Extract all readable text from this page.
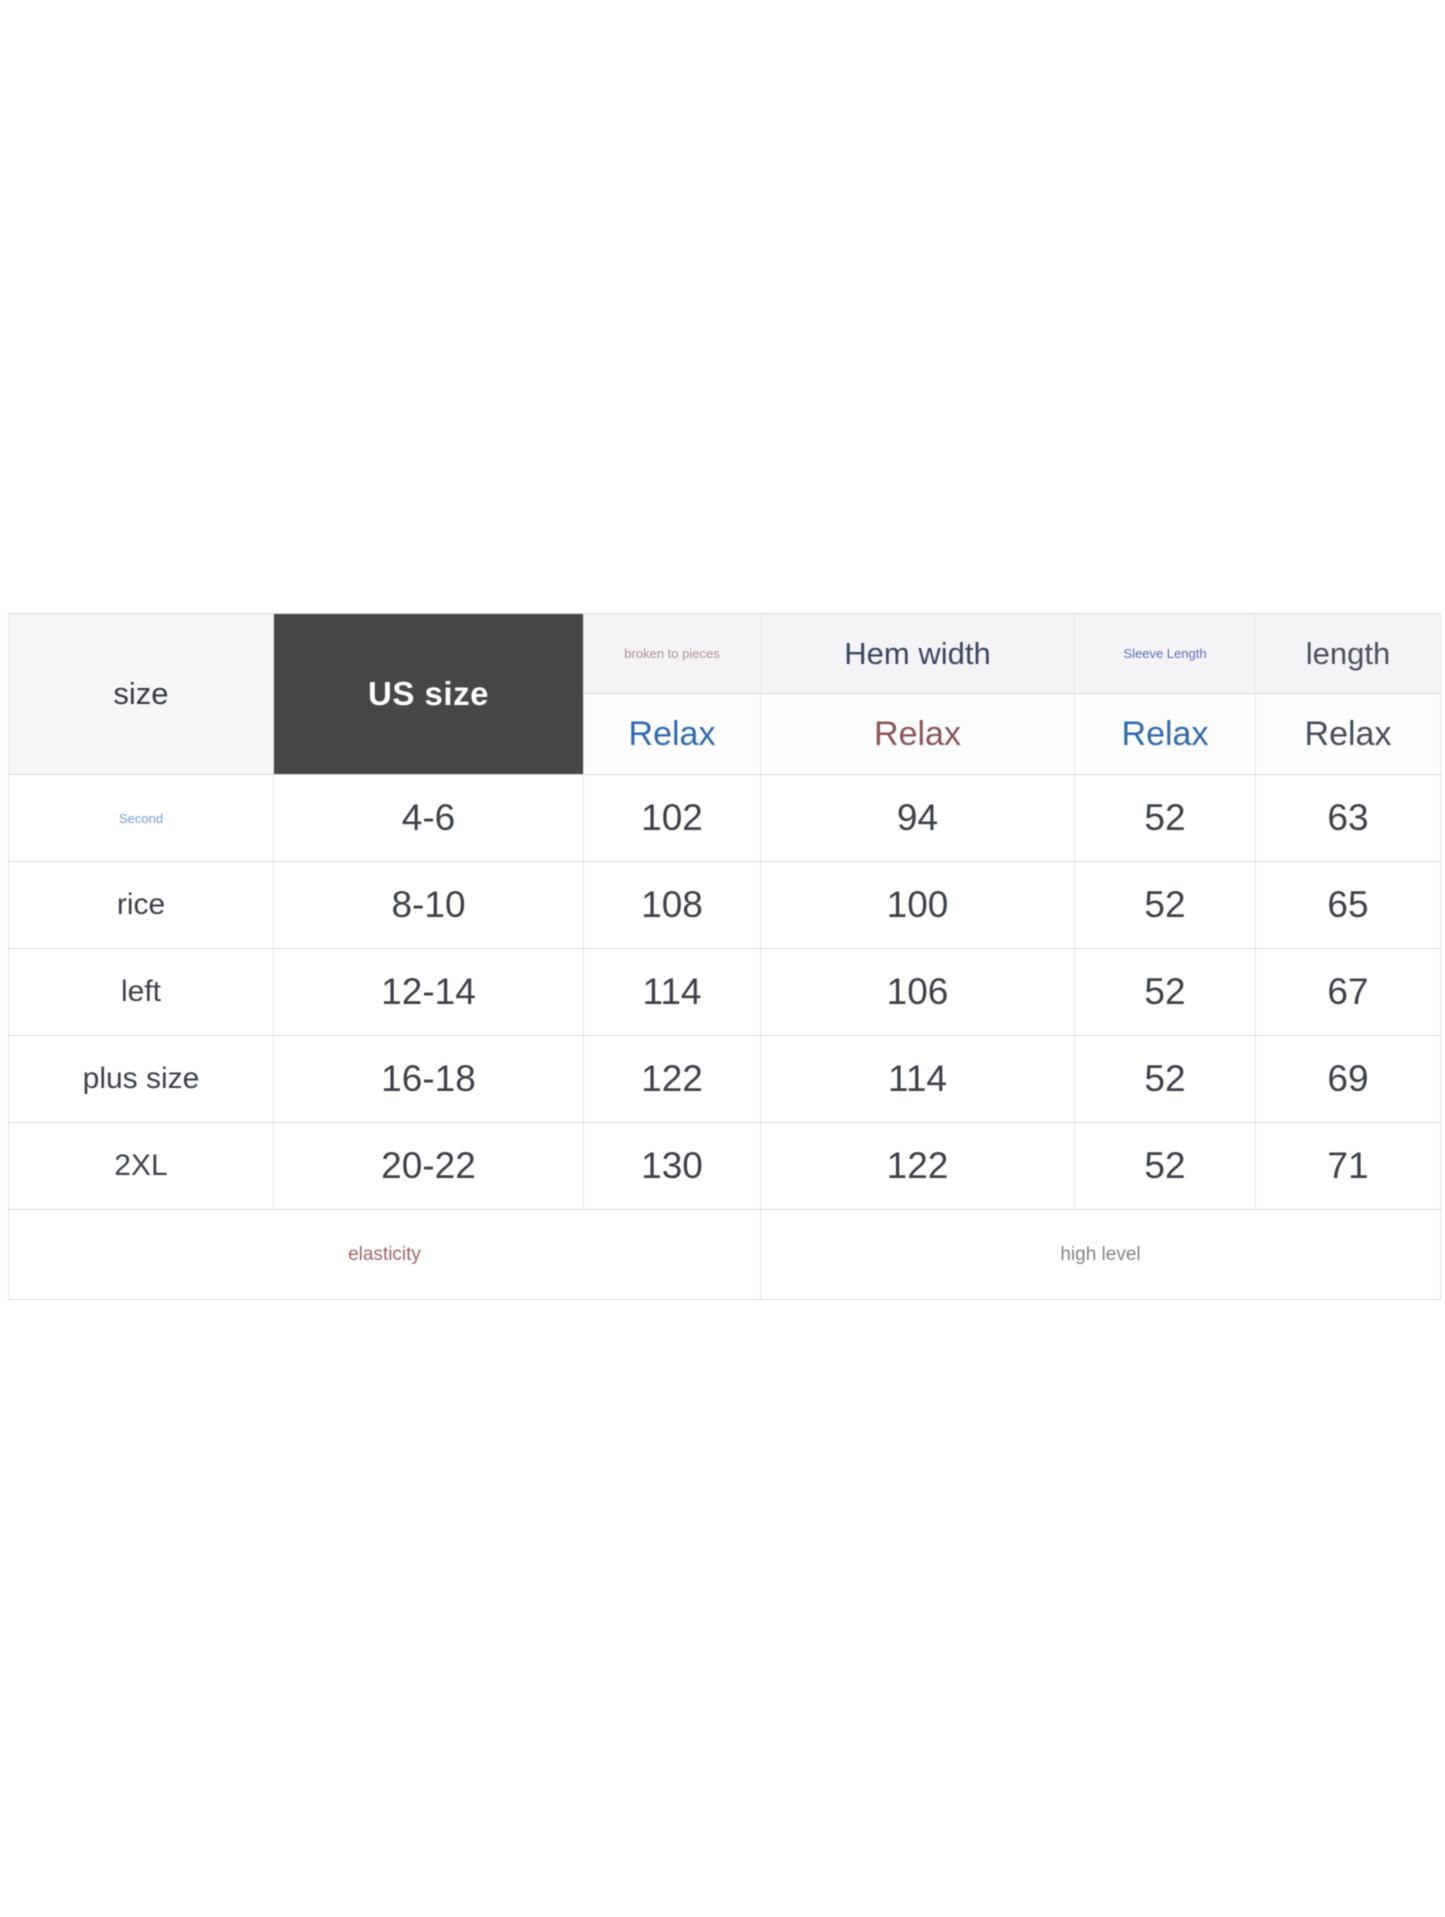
size	US size	broken to pieces	Hem width	Sleeve Length	length
		Relax	Relax	Relax	Relax
Second	4-6	102	94	52	63
rice	8-10	108	100	52	65
left	12-14	114	106	52	67
plus size	16-18	122	114	52	69
2XL	20-22	130	122	52	71
elasticity			high level		
